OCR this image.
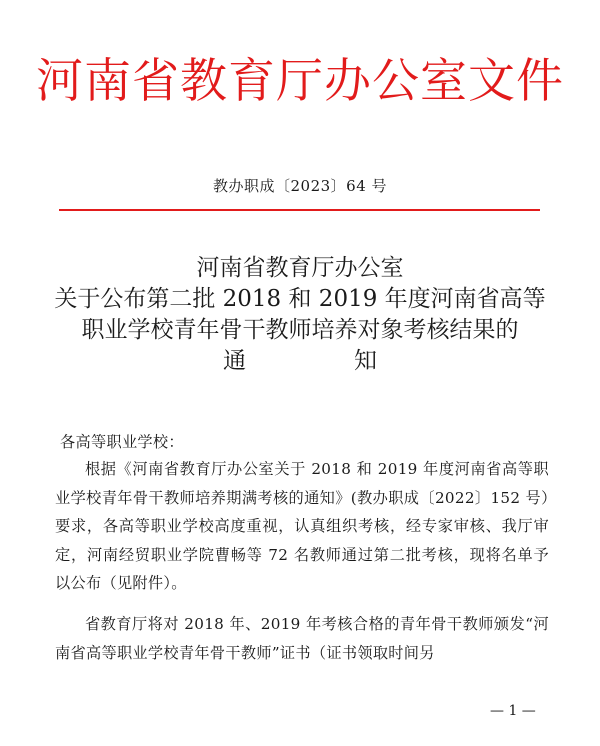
河南省教育厅办公室文件
教办职成〔2023〕64 号
河南省教育厅办公室
关于公布第二批 2018 和 2019 年度河南省高等
职业学校青年骨干教师培养对象考核结果的
通	知
各高等职业学校：
根据《河南省教育厅办公室关于 2018 和 2019 年度河南省高等职业学校青年骨干教师培养期满考核的通知》(教办职成〔2022〕152 号）要求，各高等职业学校高度重视，认真组织考核，经专家审核、我厅审定，河南经贸职业学院曹畅等 72 名教师通过第二批考核，现将名单予以公布（见附件）。
省教育厅将对 2018 年、2019 年考核合格的青年骨干教师颁发“河南省高等职业学校青年骨干教师”证书（证书领取时间另
— 1 —
